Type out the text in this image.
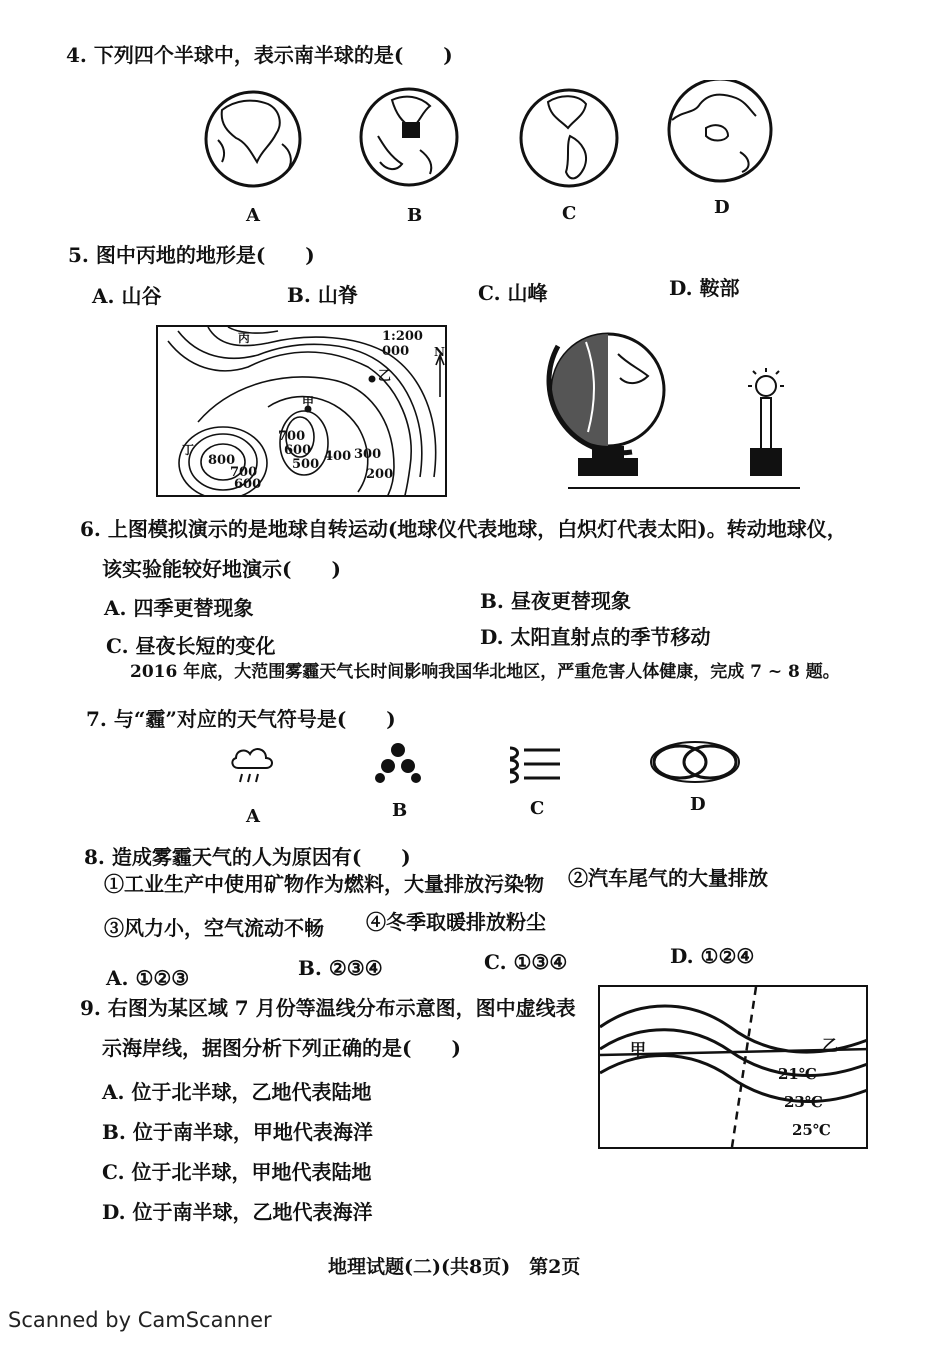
4. 下列四个半球中，表示南半球的是(　　)
A	B	C	D
5. 图中丙地的地形是(　　)
A. 山谷	B. 山脊	C. 山峰	D. 鞍部
1:200 000	N
丙
乙
甲
丁
800
700
700
600
500
400 300
200
600
6. 上图模拟演示的是地球自转运动(地球仪代表地球，白炽灯代表太阳)。转动地球仪，
该实验能较好地演示(　　)
A. 四季更替现象	B. 昼夜更替现象
C. 昼夜长短的变化	D. 太阳直射点的季节移动
2016 年底，大范围雾霾天气长时间影响我国华北地区，严重危害人体健康，完成 7 ~ 8 题。
7. 与“霾”对应的天气符号是(　　)
A	B	C	D
8. 造成雾霾天气的人为原因有(　　)
①工业生产中使用矿物作为燃料，大量排放污染物 ②汽车尾气的大量排放
③风力小，空气流动不畅 ④冬季取暖排放粉尘
A. ①②③	B. ②③④	C. ①③④	D. ①②④
9. 右图为某区域 7 月份等温线分布示意图，图中虚线表
示海岸线，据图分析下列正确的是(　　)
A. 位于北半球，乙地代表陆地
B. 位于南半球，甲地代表海洋
C. 位于北半球，甲地代表陆地
D. 位于南半球，乙地代表海洋
甲	乙
21℃
23℃
25℃
地理试题(二)(共8页)　第2页
Scanned by CamScanner
